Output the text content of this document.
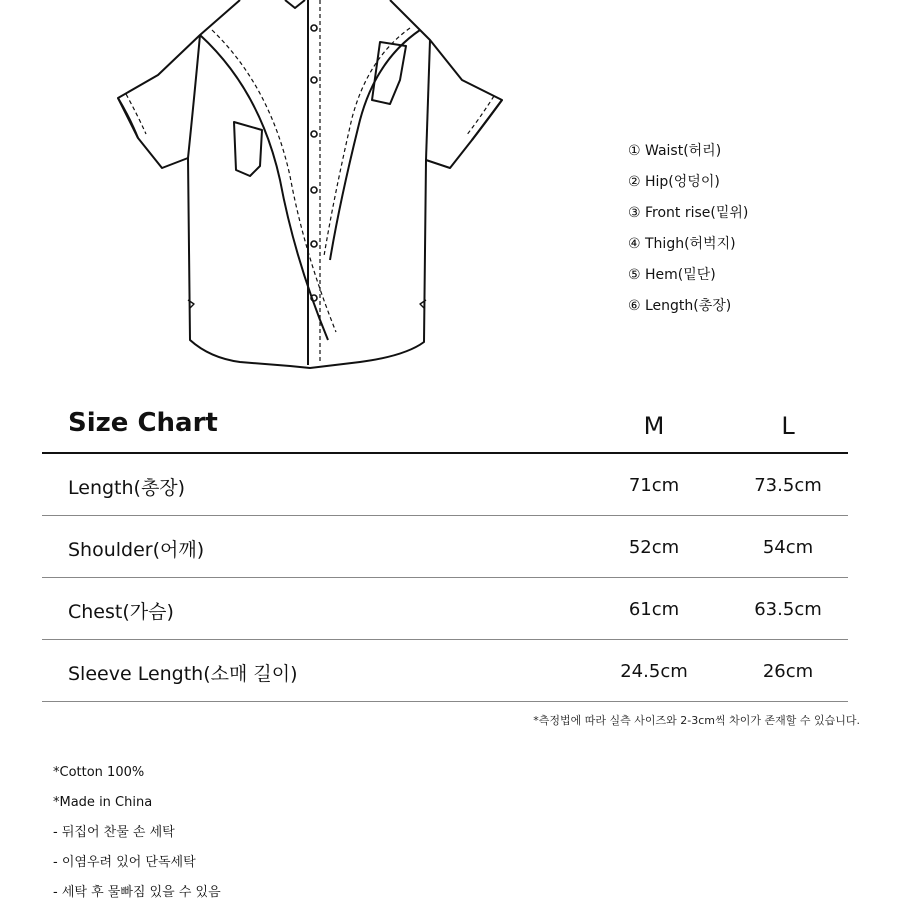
① Waist(허리)
② Hip(엉덩이)
③ Front rise(밑위)
④ Thigh(허벅지)
⑤ Hem(밑단)
⑥ Length(총장)
Size Chart	M	L
Length(총장)	71cm	73.5cm
Shoulder(어깨)	52cm	54cm
Chest(가슴)	61cm	63.5cm
Sleeve Length(소매 길이)	24.5cm	26cm
*측정법에 따라 실측 사이즈와 2-3cm씩 차이가 존재할 수 있습니다.
*Cotton 100%
*Made in China
- 뒤집어 찬물 손 세탁
- 이염우려 있어 단독세탁
- 세탁 후 물빠짐 있을 수 있음
